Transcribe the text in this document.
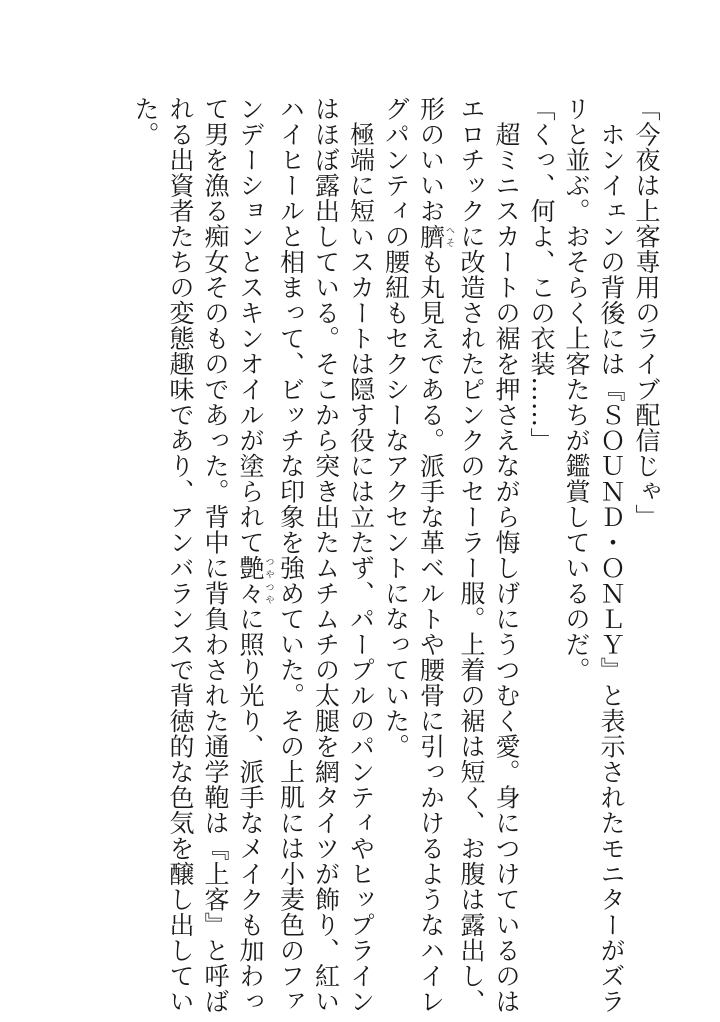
「今夜は上客専用のライブ配信じゃ」
　ホンイェンの背後には『ＳＯＵＮＤ・ＯＮＬＹ』と表示されたモニターがズラ
リと並ぶ。おそらく上客たちが鑑賞しているのだ。
「くっ、何よ、この衣装……」
　超ミニスカートの裾を押さえながら悔しげにうつむく愛。身につけているのは
エロチックに改造されたピンクのセーラー服。上着の裾は短く、お腹は露出し、
形のいいお臍へそも丸見えである。派手な革ベルトや腰骨に引っかけるようなハイレ
グパンティの腰紐もセクシーなアクセントになっていた。
　極端に短いスカートは隠す役には立たず、パープルのパンティやヒップライン
はほぼ露出している。そこから突き出たムチムチの太腿を網タイツが飾り、紅い
ハイヒールと相まって、ビッチな印象を強めていた。その上肌には小麦色のファ
ンデーションとスキンオイルが塗られて艶々つやつやに照り光り、派手なメイクも加わっ
て男を漁る痴女そのものであった。背中に背負わされた通学鞄は『上客』と呼ば
れる出資者たちの変態趣味であり、アンバランスで背徳的な色気を醸し出してい
た。
